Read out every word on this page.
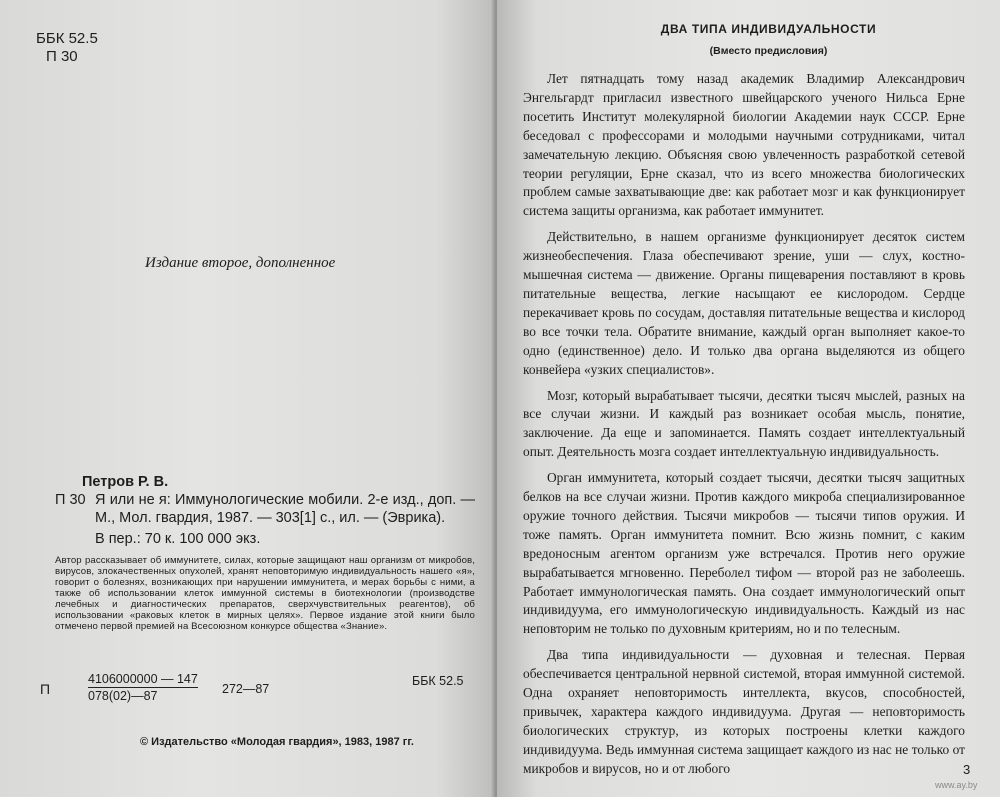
ББК 52.5
П 30
Издание второе, дополненное
Петров Р. В.
П 30 Я или не я: Иммунологические мобили. 2-е изд., доп. — М., Мол. гвардия, 1987. — 303[1] с., ил. — (Эврика).
В пер.: 70 к. 100 000 экз.
Автор рассказывает об иммунитете, силах, которые защищают наш организм от микробов, вирусов, злокачественных опухолей, хранят неповторимую индивидуальность нашего «я», говорит о болезнях, возникающих при нарушении иммунитета, и мерах борьбы с ними, а также об использовании клеток иммунной системы в биотехнологии (производстве лечебных и диагностических препаратов, сверхчувствительных реагентов), об использовании «раковых клеток в мирных целях». Первое издание этой книги было отмечено первой премией на Всесоюзном конкурсе общества «Знание».
П	$\frac{4106000000 — 147}{078(02)—87}$ 272—87
ББК 52.5
© Издательство «Молодая гвардия», 1983, 1987 гг.
ДВА ТИПА ИНДИВИДУАЛЬНОСТИ
(Вместо предисловия)

Лет пятнадцать тому назад академик Владимир Александрович Энгельгардт пригласил известного швейцарского ученого Нильса Ерне посетить Институт молекулярной биологии Академии наук СССР. Ерне беседовал с профессорами и молодыми научными сотрудниками, читал замечательную лекцию. Объясняя свою увлеченность разработкой сетевой теории регуляции, Ерне сказал, что из всего множества биологических проблем самые захватывающие две: как работает мозг и как функционирует система защиты организма, как работает иммунитет.

Действительно, в нашем организме функционирует десяток систем жизнеобеспечения. Глаза обеспечивают зрение, уши — слух, костно-мышечная система — движение. Органы пищеварения поставляют в кровь питательные вещества, легкие насыщают ее кислородом. Сердце перекачивает кровь по сосудам, доставляя питательные вещества и кислород во все точки тела. Обратите внимание, каждый орган выполняет какое-то одно (единственное) дело. И только два органа выделяются из общего конвейера «узких специалистов».

Мозг, который вырабатывает тысячи, десятки тысяч мыслей, разных на все случаи жизни. И каждый раз возникает особая мысль, понятие, заключение. Да еще и запоминается. Память создает интеллектуальный опыт. Деятельность мозга создает интеллектуальную индивидуальность.

Орган иммунитета, который создает тысячи, десятки тысяч защитных белков на все случаи жизни. Против каждого микроба специализированное оружие точного действия. Тысячи микробов — тысячи типов оружия. И тоже память. Орган иммунитета помнит. Всю жизнь помнит, с каким вредоносным агентом организм уже встречался. Против него оружие вырабатывается мгновенно. Переболел тифом — второй раз не заболеешь. Работает иммунологическая память. Она создает иммунологический опыт индивидуума, его иммунологическую индивидуальность. Каждый из нас неповторим не только по духовным критериям, но и по телесным.

Два типа индивидуальности — духовная и телесная. Первая обеспечивается центральной нервной системой, вторая иммунной системой. Одна охраняет неповторимость интеллекта, вкусов, способностей, привычек, характера каждого индивидуума. Другая — неповторимость биологических структур, из которых построены клетки каждого индивидуума. Ведь иммунная система защищает каждого из нас не только от микробов и вирусов, но и от любого	3
www.ay.by
